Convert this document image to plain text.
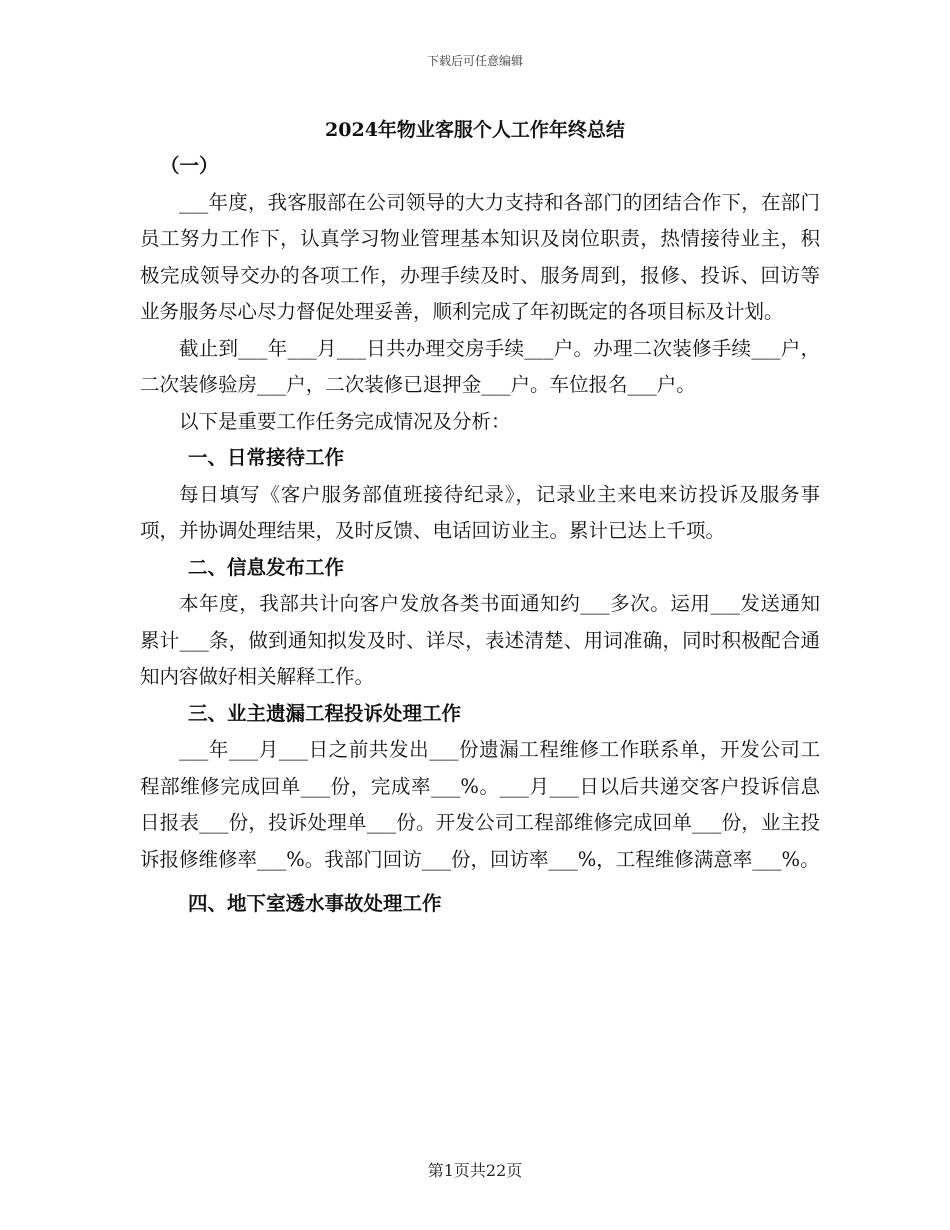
下载后可任意编辑
2024年物业客服个人工作年终总结
（一）

___年度，我客服部在公司领导的大力支持和各部门的团结合作下，在部门员工努力工作下，认真学习物业管理基本知识及岗位职责，热情接待业主，积极完成领导交办的各项工作，办理手续及时、服务周到，报修、投诉、回访等业务服务尽心尽力督促处理妥善，顺利完成了年初既定的各项目标及计划。

截止到___年___月___日共办理交房手续___户。办理二次装修手续___户，二次装修验房___户，二次装修已退押金___户。车位报名___户。

以下是重要工作任务完成情况及分析：

一、日常接待工作

每日填写《客户服务部值班接待纪录》，记录业主来电来访投诉及服务事项，并协调处理结果，及时反馈、电话回访业主。累计已达上千项。

二、信息发布工作

本年度，我部共计向客户发放各类书面通知约___多次。运用___发送通知累计___条，做到通知拟发及时、详尽，表述清楚、用词准确，同时积极配合通知内容做好相关解释工作。

三、业主遗漏工程投诉处理工作

___年___月___日之前共发出___份遗漏工程维修工作联系单，开发公司工程部维修完成回单___份，完成率___%。___月___日以后共递交客户投诉信息日报表___份，投诉处理单___份。开发公司工程部维修完成回单___份，业主投诉报修维修率___%。我部门回访___份，回访率___%，工程维修满意率___%。

四、地下室透水事故处理工作
第1页共22页
